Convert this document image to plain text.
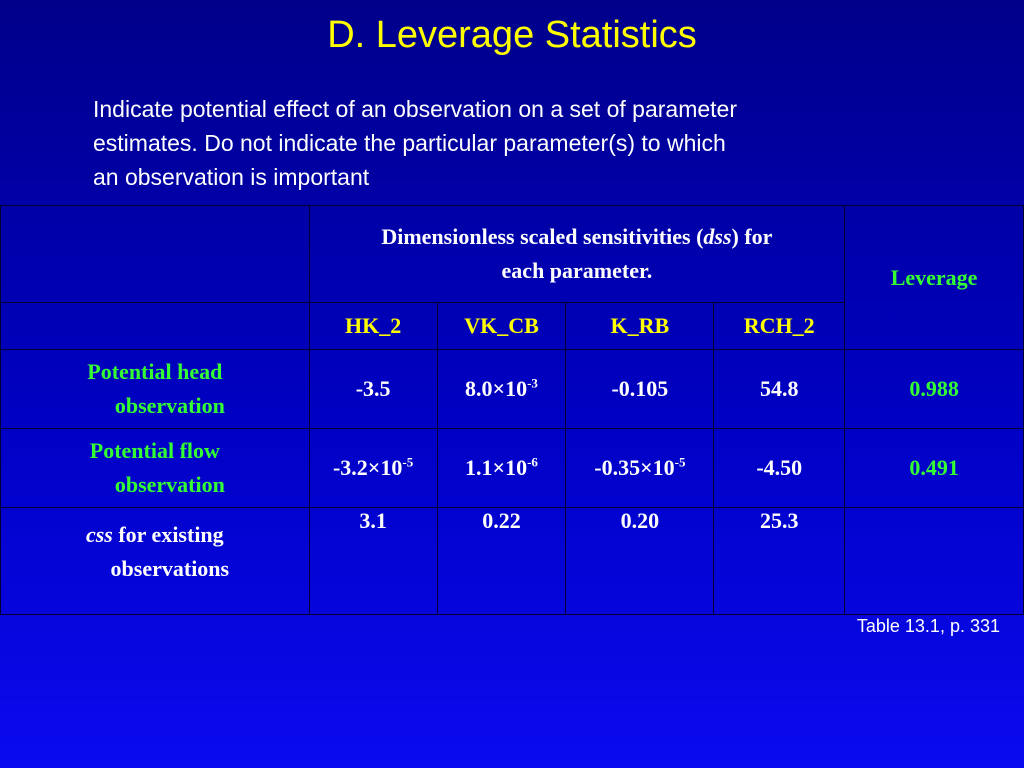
D. Leverage Statistics
Indicate potential effect of an observation on a set of parameter
estimates. Do not indicate the particular parameter(s) to which
an observation is important
	Dimensionless scaled sensitivities (dss) for
each parameter.				Leverage
	HK_2	VK_CB	K_RB	RCH_2	
Potential head
observation	-3.5	$8.0\times 10^{-3}$	-0.105	54.8	0.988
Potential flow
observation	$-3.2\times 10^{-5}$	$1.1\times 10^{-6}$	$-0.35\times 10^{-5}$	-4.50	0.491
css for existing
observations	3.1	0.22	0.20	25.3	
Table 13.1, p. 331
